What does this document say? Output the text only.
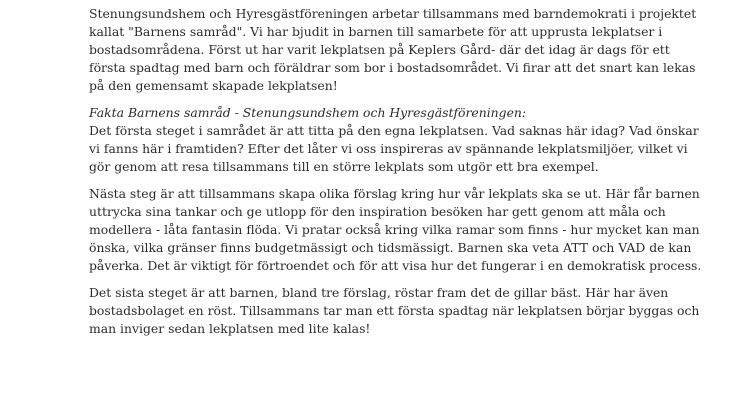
Stenungsundshem och Hyresgästföreningen arbetar tillsammans med barndemokrati i projektet kallat "Barnens samråd". Vi har bjudit in barnen till samarbete för att upprusta lekplatser i bostadsområdena. Först ut har varit lekplatsen på Keplers Gård- där det idag är dags för ett första spadtag med barn och föräldrar som bor i bostadsområdet. Vi firar att det snart kan lekas på den gemensamt skapade lekplatsen!

Fakta Barnens samråd - Stenungsundshem och Hyresgästföreningen:
Det första steget i samrådet är att titta på den egna lekplatsen. Vad saknas här idag? Vad önskar vi fanns här i framtiden? Efter det låter vi oss inspireras av spännande lekplatsmiljöer, vilket vi gör genom att resa tillsammans till en större lekplats som utgör ett bra exempel.

Nästa steg är att tillsammans skapa olika förslag kring hur vår lekplats ska se ut. Här får barnen uttrycka sina tankar och ge utlopp för den inspiration besöken har gett genom att måla och modellera - låta fantasin flöda. Vi pratar också kring vilka ramar som finns - hur mycket kan man önska, vilka gränser finns budgetmässigt och tidsmässigt. Barnen ska veta ATT och VAD de kan påverka. Det är viktigt för förtroendet och för att visa hur det fungerar i en demokratisk process.

Det sista steget är att barnen, bland tre förslag, röstar fram det de gillar bäst. Här har även bostadsbolaget en röst. Tillsammans tar man ett första spadtag när lekplatsen börjar byggas och man inviger sedan lekplatsen med lite kalas!
